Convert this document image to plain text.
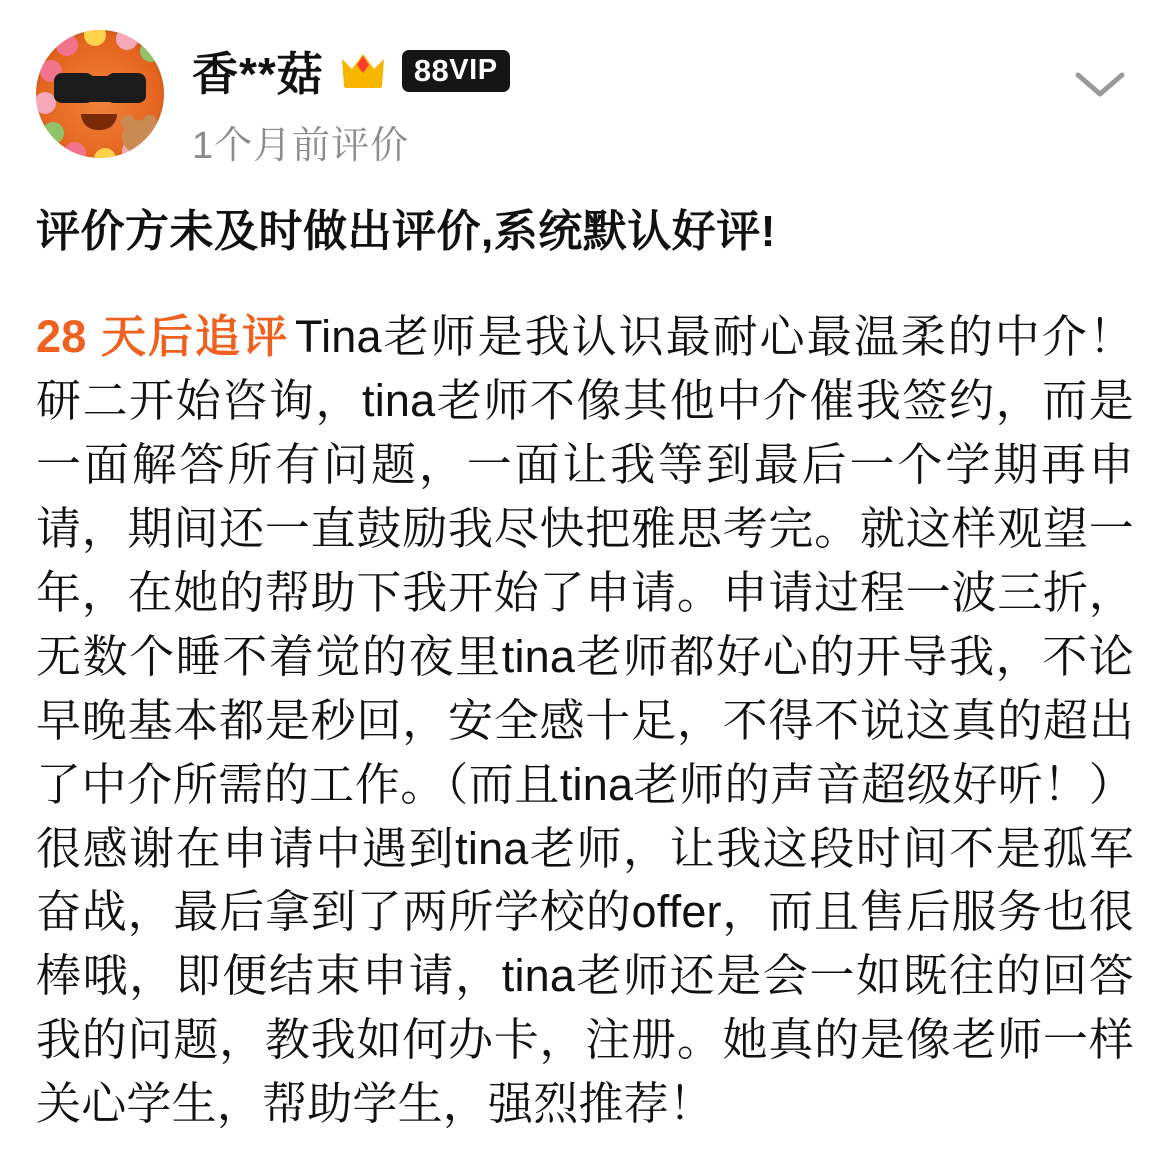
香**菇	88 VIP
1个月前评价
评价方未及时做出评价,系统默认好评!
28 天后追评 Tina老师是我认识最耐心最温柔的中介！研二开始咨询，tina老师不像其他中介催我签约，而是一面解答所有问题，一面让我等到最后一个学期再申请，期间还一直鼓励我尽快把雅思考完。就这样观望一年，在她的帮助下我开始了申请。申请过程一波三折，无数个睡不着觉的夜里tina老师都好心的开导我，不论早晚基本都是秒回，安全感十足，不得不说这真的超出了中介所需的工作。（而且tina老师的声音超级好听！）很感谢在申请中遇到tina老师，让我这段时间不是孤军奋战，最后拿到了两所学校的offer，而且售后服务也很棒哦，即便结束申请，tina老师还是会一如既往的回答我的问题，教我如何办卡，注册。她真的是像老师一样关心学生，帮助学生，强烈推荐！
